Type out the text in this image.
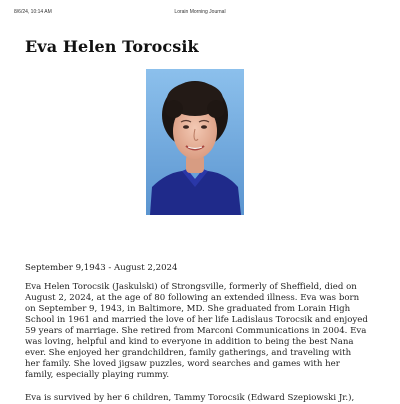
8/6/24, 10:14 AM	Lorain Morning Journal
Eva Helen Torocsik

September 9,1943 - August 2,2024

Eva Helen Torocsik (Jaskulski) of Strongsville, formerly of Sheffield, died on
August 2, 2024, at the age of 80 following an extended illness. Eva was born
on September 9, 1943, in Baltimore, MD. She graduated from Lorain High
School in 1961 and married the love of her life Ladislaus Torocsik and enjoyed
59 years of marriage. She retired from Marconi Communications in 2004. Eva
was loving, helpful and kind to everyone in addition to being the best Nana
ever. She enjoyed her grandchildren, family gatherings, and traveling with
her family. She loved jigsaw puzzles, word searches and games with her
family, especially playing rummy.

Eva is survived by her 6 children, Tammy Torocsik (Edward Szepiowski Jr.),
